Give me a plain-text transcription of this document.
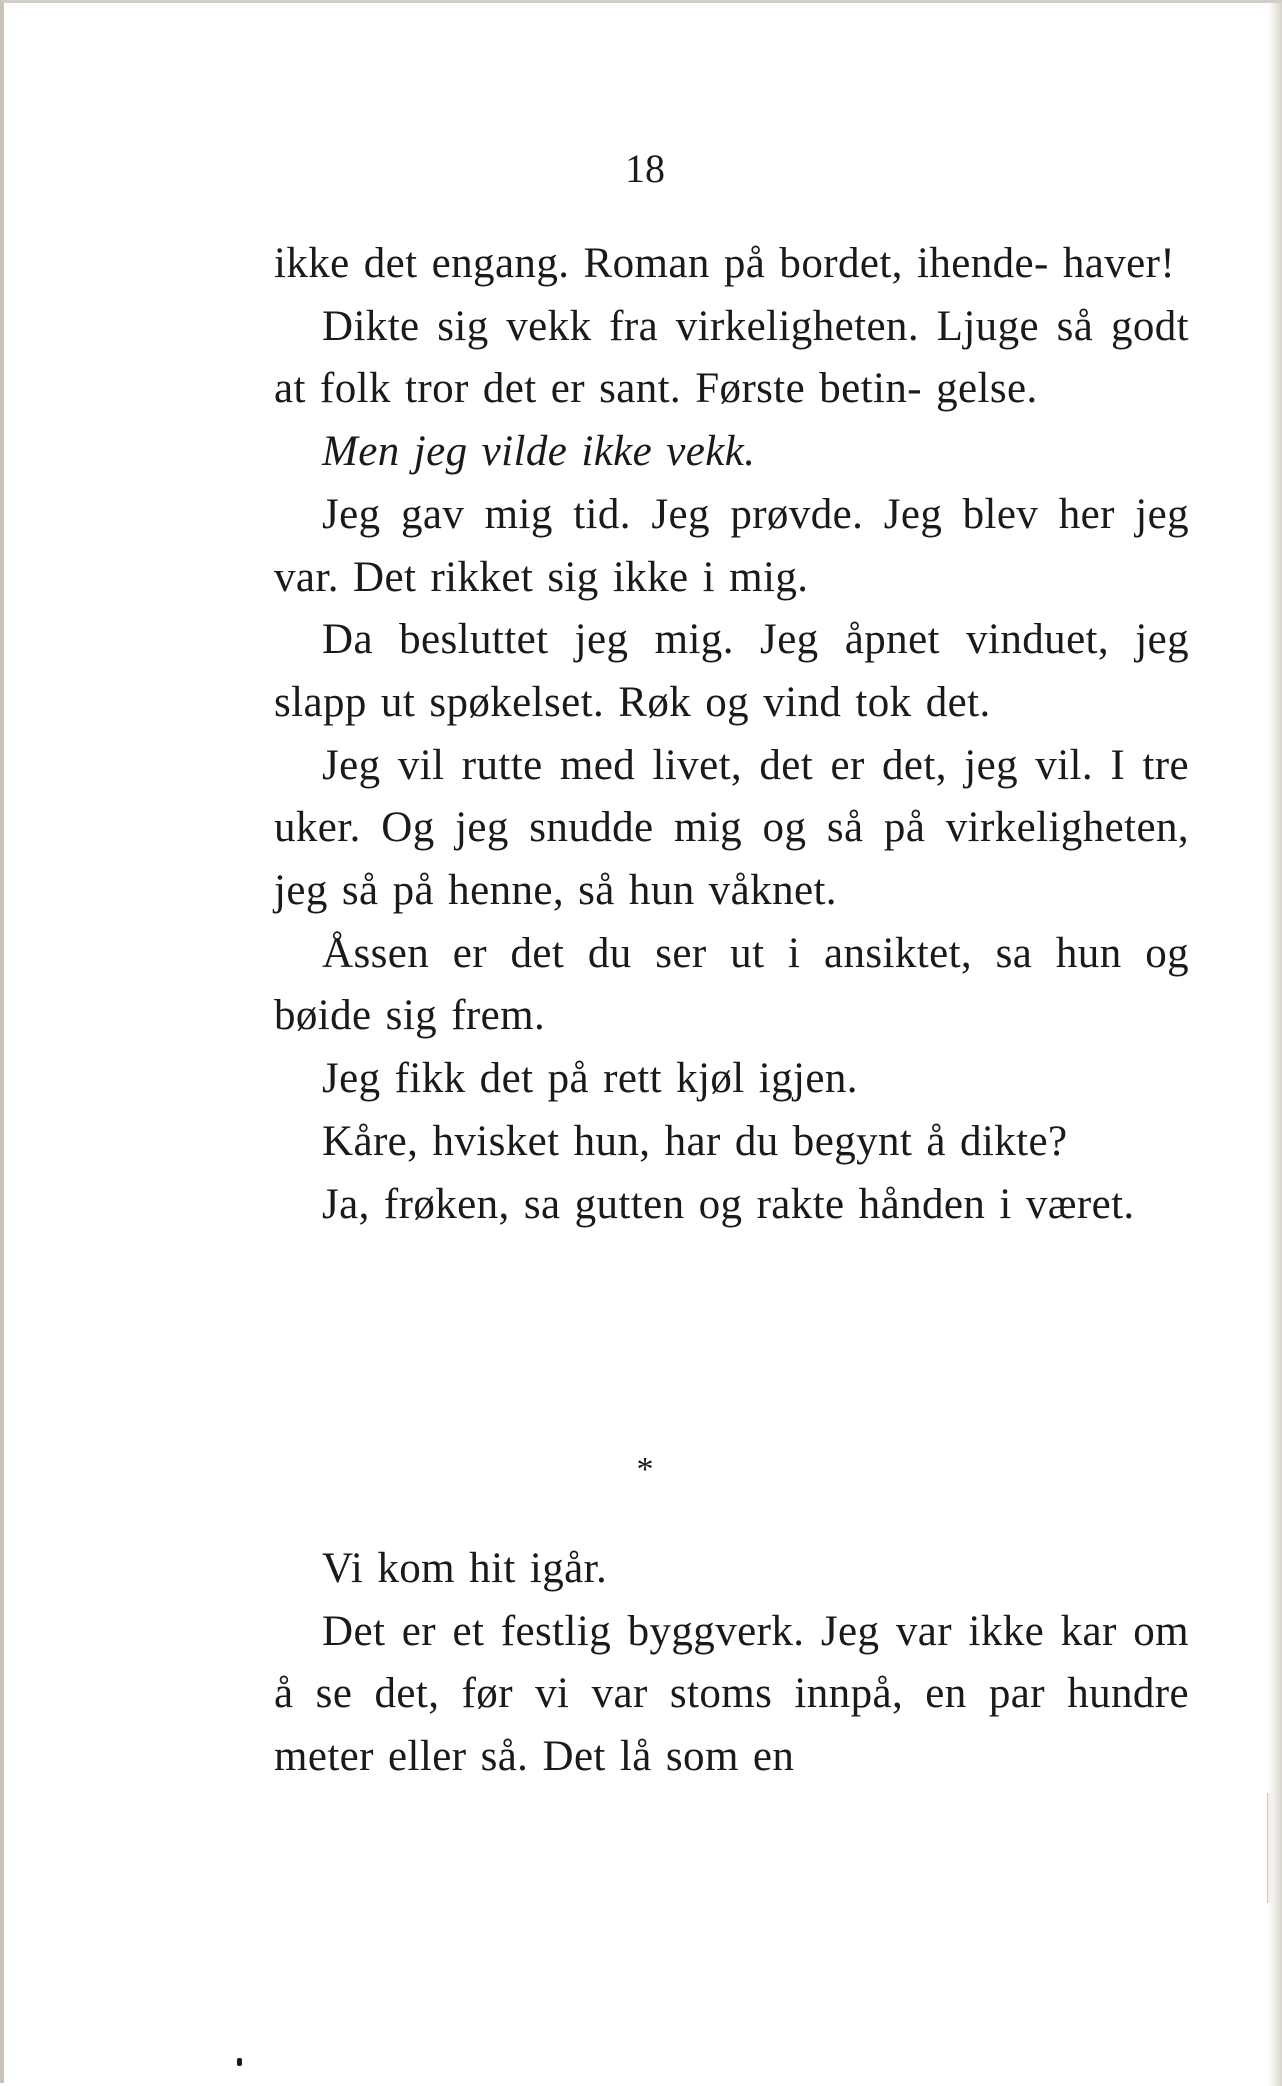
18

ikke det engang. Roman på bordet, ihende- haver!

Dikte sig vekk fra virkeligheten. Ljuge så godt at folk tror det er sant. Første betin- gelse.

Men jeg vilde ikke vekk.

Jeg gav mig tid. Jeg prøvde. Jeg blev her jeg var. Det rikket sig ikke i mig.

Da besluttet jeg mig. Jeg åpnet vinduet, jeg slapp ut spøkelset. Røk og vind tok det.

Jeg vil rutte med livet, det er det, jeg vil. I tre uker. Og jeg snudde mig og så på virkeligheten, jeg så på henne, så hun våknet.

Åssen er det du ser ut i ansiktet, sa hun og bøide sig frem.

Jeg fikk det på rett kjøl igjen.

Kåre, hvisket hun, har du begynt å dikte?

Ja, frøken, sa gutten og rakte hånden i været.

*

Vi kom hit igår.

Det er et festlig byggverk. Jeg var ikke kar om å se det, før vi var stoms innpå, en par hundre meter eller så. Det lå som en
